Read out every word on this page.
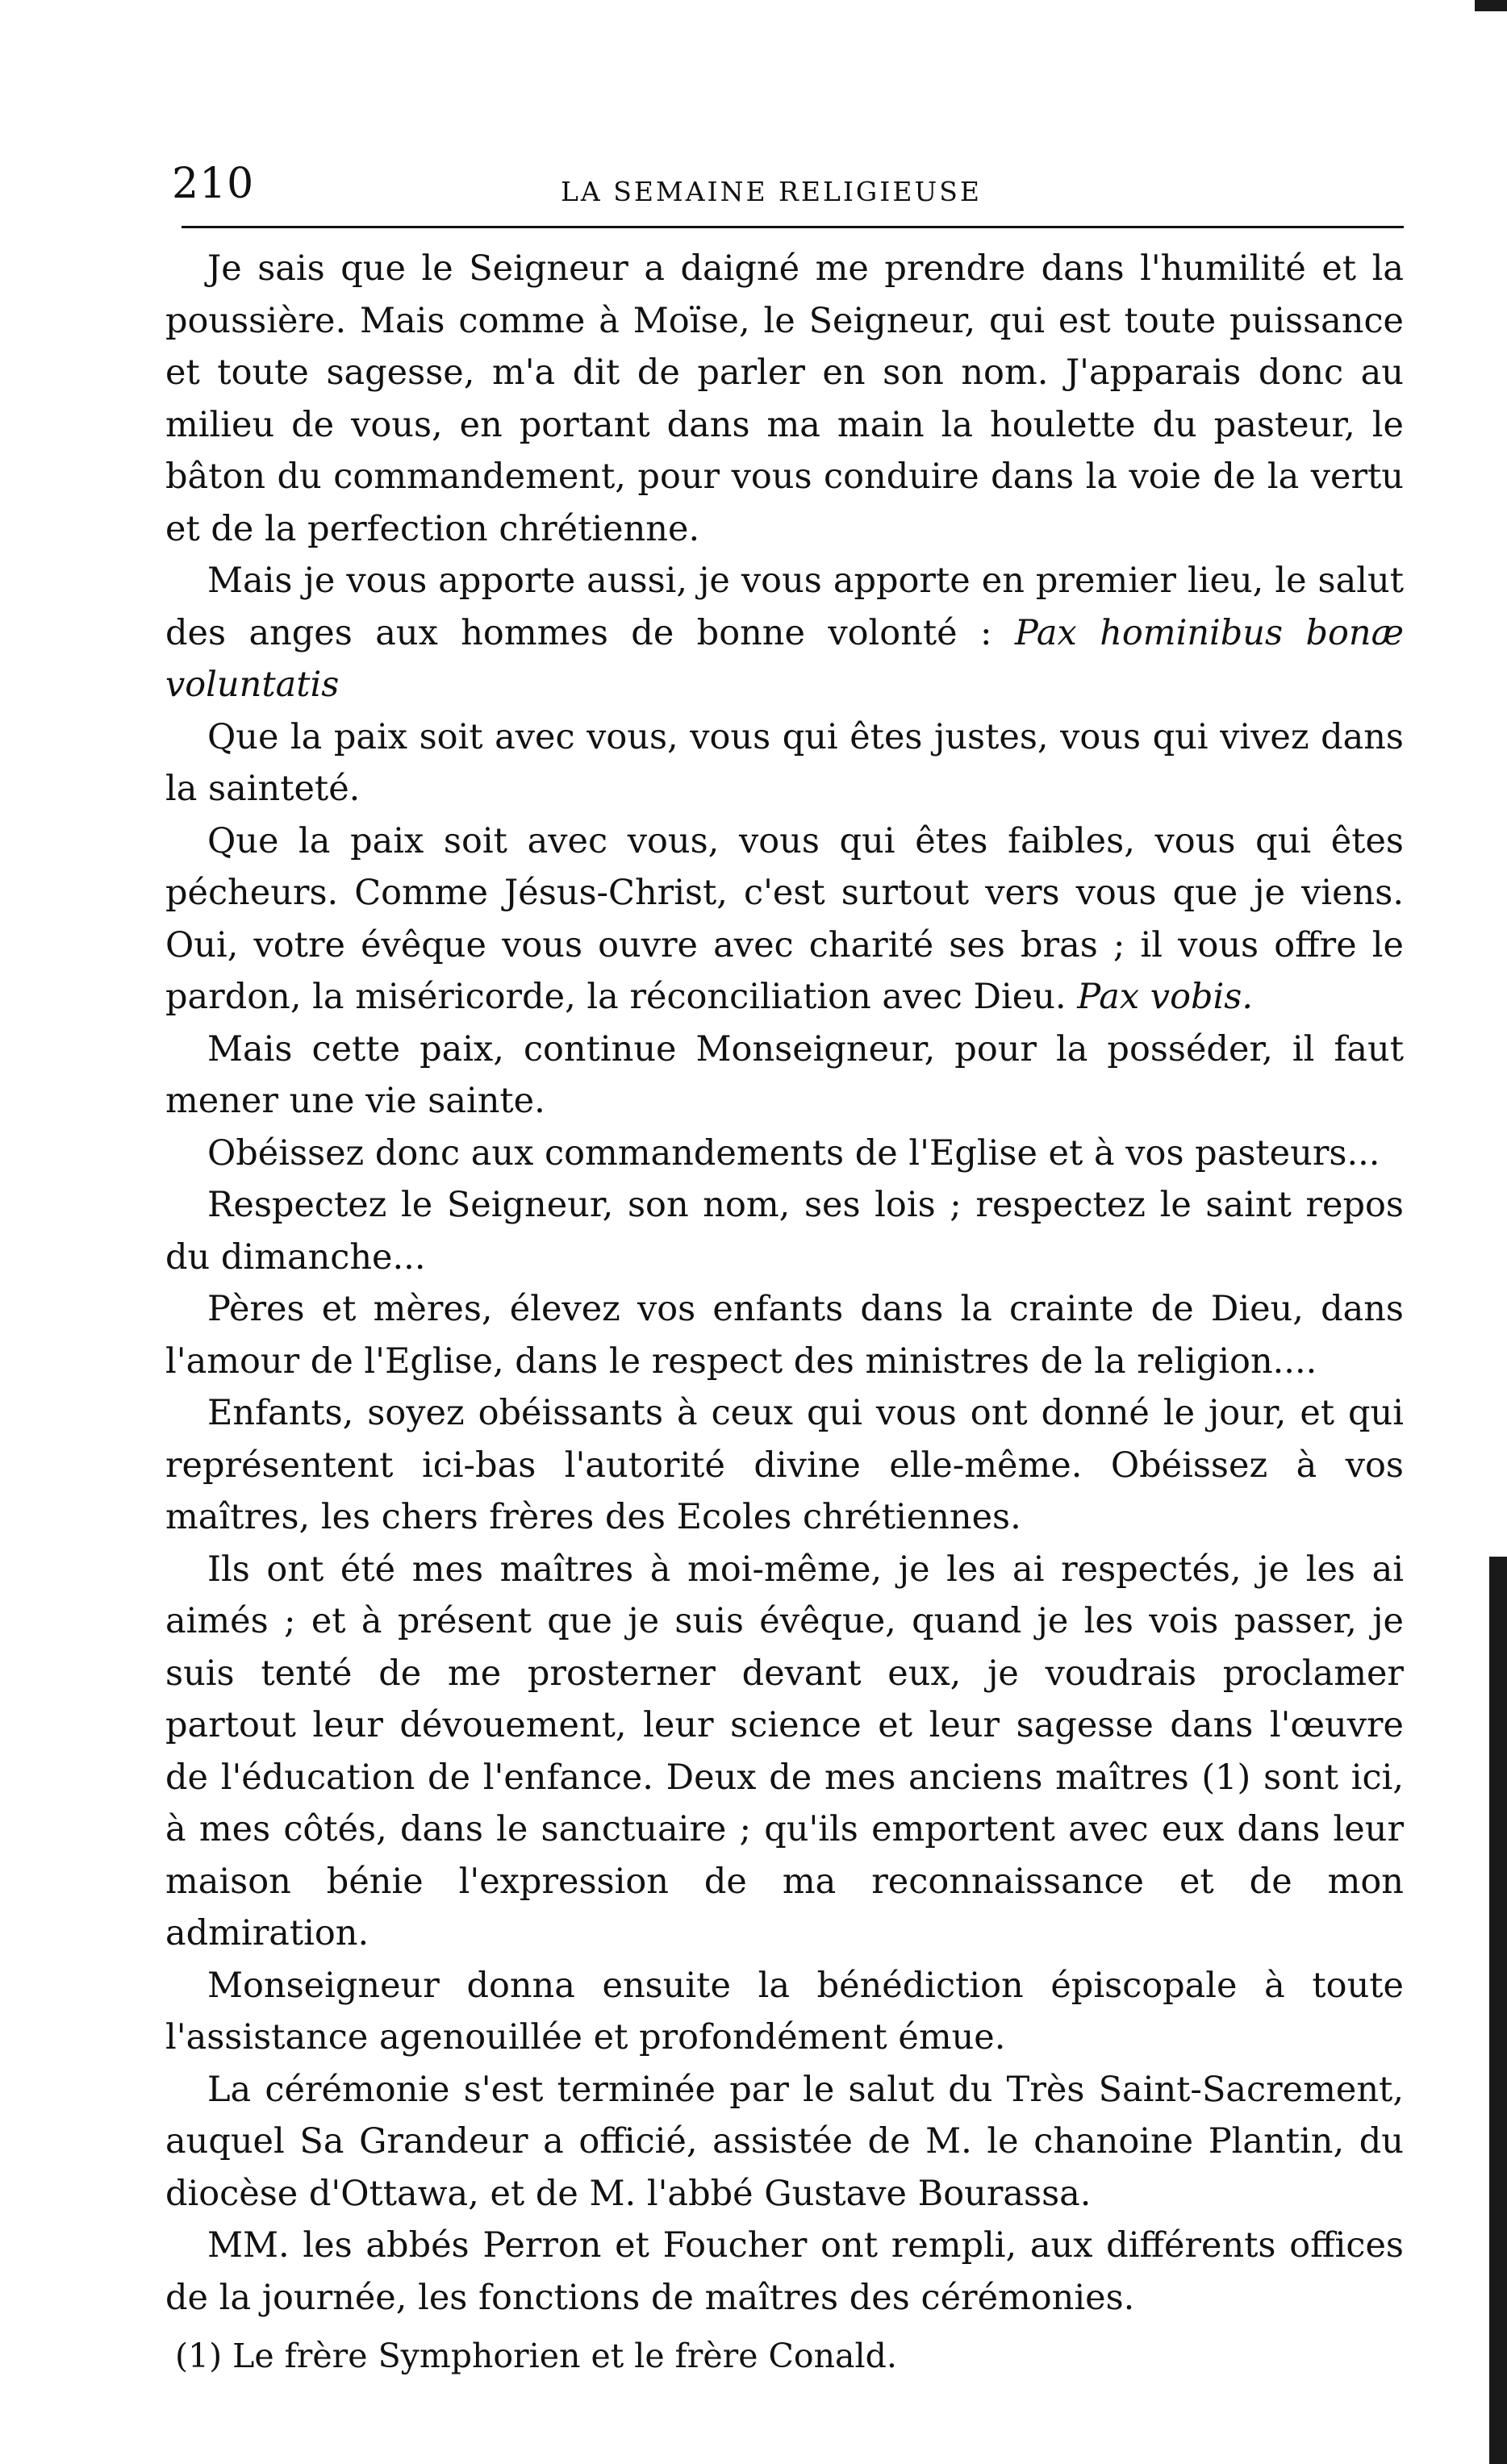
210	LA SEMAINE RELIGIEUSE

Je sais que le Seigneur a daigné me prendre dans l'humilité et la poussière. Mais comme à Moïse, le Seigneur, qui est toute puissance et toute sagesse, m'a dit de parler en son nom. J'apparais donc au milieu de vous, en portant dans ma main la houlette du pasteur, le bâton du commandement, pour vous conduire dans la voie de la vertu et de la perfection chrétienne.

Mais je vous apporte aussi, je vous apporte en premier lieu, le salut des anges aux hommes de bonne volonté : Pax hominibus bonæ voluntatis

Que la paix soit avec vous, vous qui êtes justes, vous qui vivez dans la sainteté.

Que la paix soit avec vous, vous qui êtes faibles, vous qui êtes pécheurs. Comme Jésus-Christ, c'est surtout vers vous que je viens. Oui, votre évêque vous ouvre avec charité ses bras ; il vous offre le pardon, la miséricorde, la réconciliation avec Dieu. Pax vobis.

Mais cette paix, continue Monseigneur, pour la posséder, il faut mener une vie sainte.

Obéissez donc aux commandements de l'Eglise et à vos pasteurs...

Respectez le Seigneur, son nom, ses lois ; respectez le saint repos du dimanche...

Pères et mères, élevez vos enfants dans la crainte de Dieu, dans l'amour de l'Eglise, dans le respect des ministres de la religion....

Enfants, soyez obéissants à ceux qui vous ont donné le jour, et qui représentent ici-bas l'autorité divine elle-même. Obéissez à vos maîtres, les chers frères des Ecoles chrétiennes.

Ils ont été mes maîtres à moi-même, je les ai respectés, je les ai aimés ; et à présent que je suis évêque, quand je les vois passer, je suis tenté de me prosterner devant eux, je voudrais proclamer partout leur dévouement, leur science et leur sagesse dans l'œuvre de l'éducation de l'enfance. Deux de mes anciens maîtres (1) sont ici, à mes côtés, dans le sanctuaire ; qu'ils emportent avec eux dans leur maison bénie l'expression de ma reconnaissance et de mon admiration.

Monseigneur donna ensuite la bénédiction épiscopale à toute l'assistance agenouillée et profondément émue.

La cérémonie s'est terminée par le salut du Très Saint-Sacrement, auquel Sa Grandeur a officié, assistée de M. le chanoine Plantin, du diocèse d'Ottawa, et de M. l'abbé Gustave Bourassa.

MM. les abbés Perron et Foucher ont rempli, aux différents offices de la journée, les fonctions de maîtres des cérémonies.

(1) Le frère Symphorien et le frère Conald.
